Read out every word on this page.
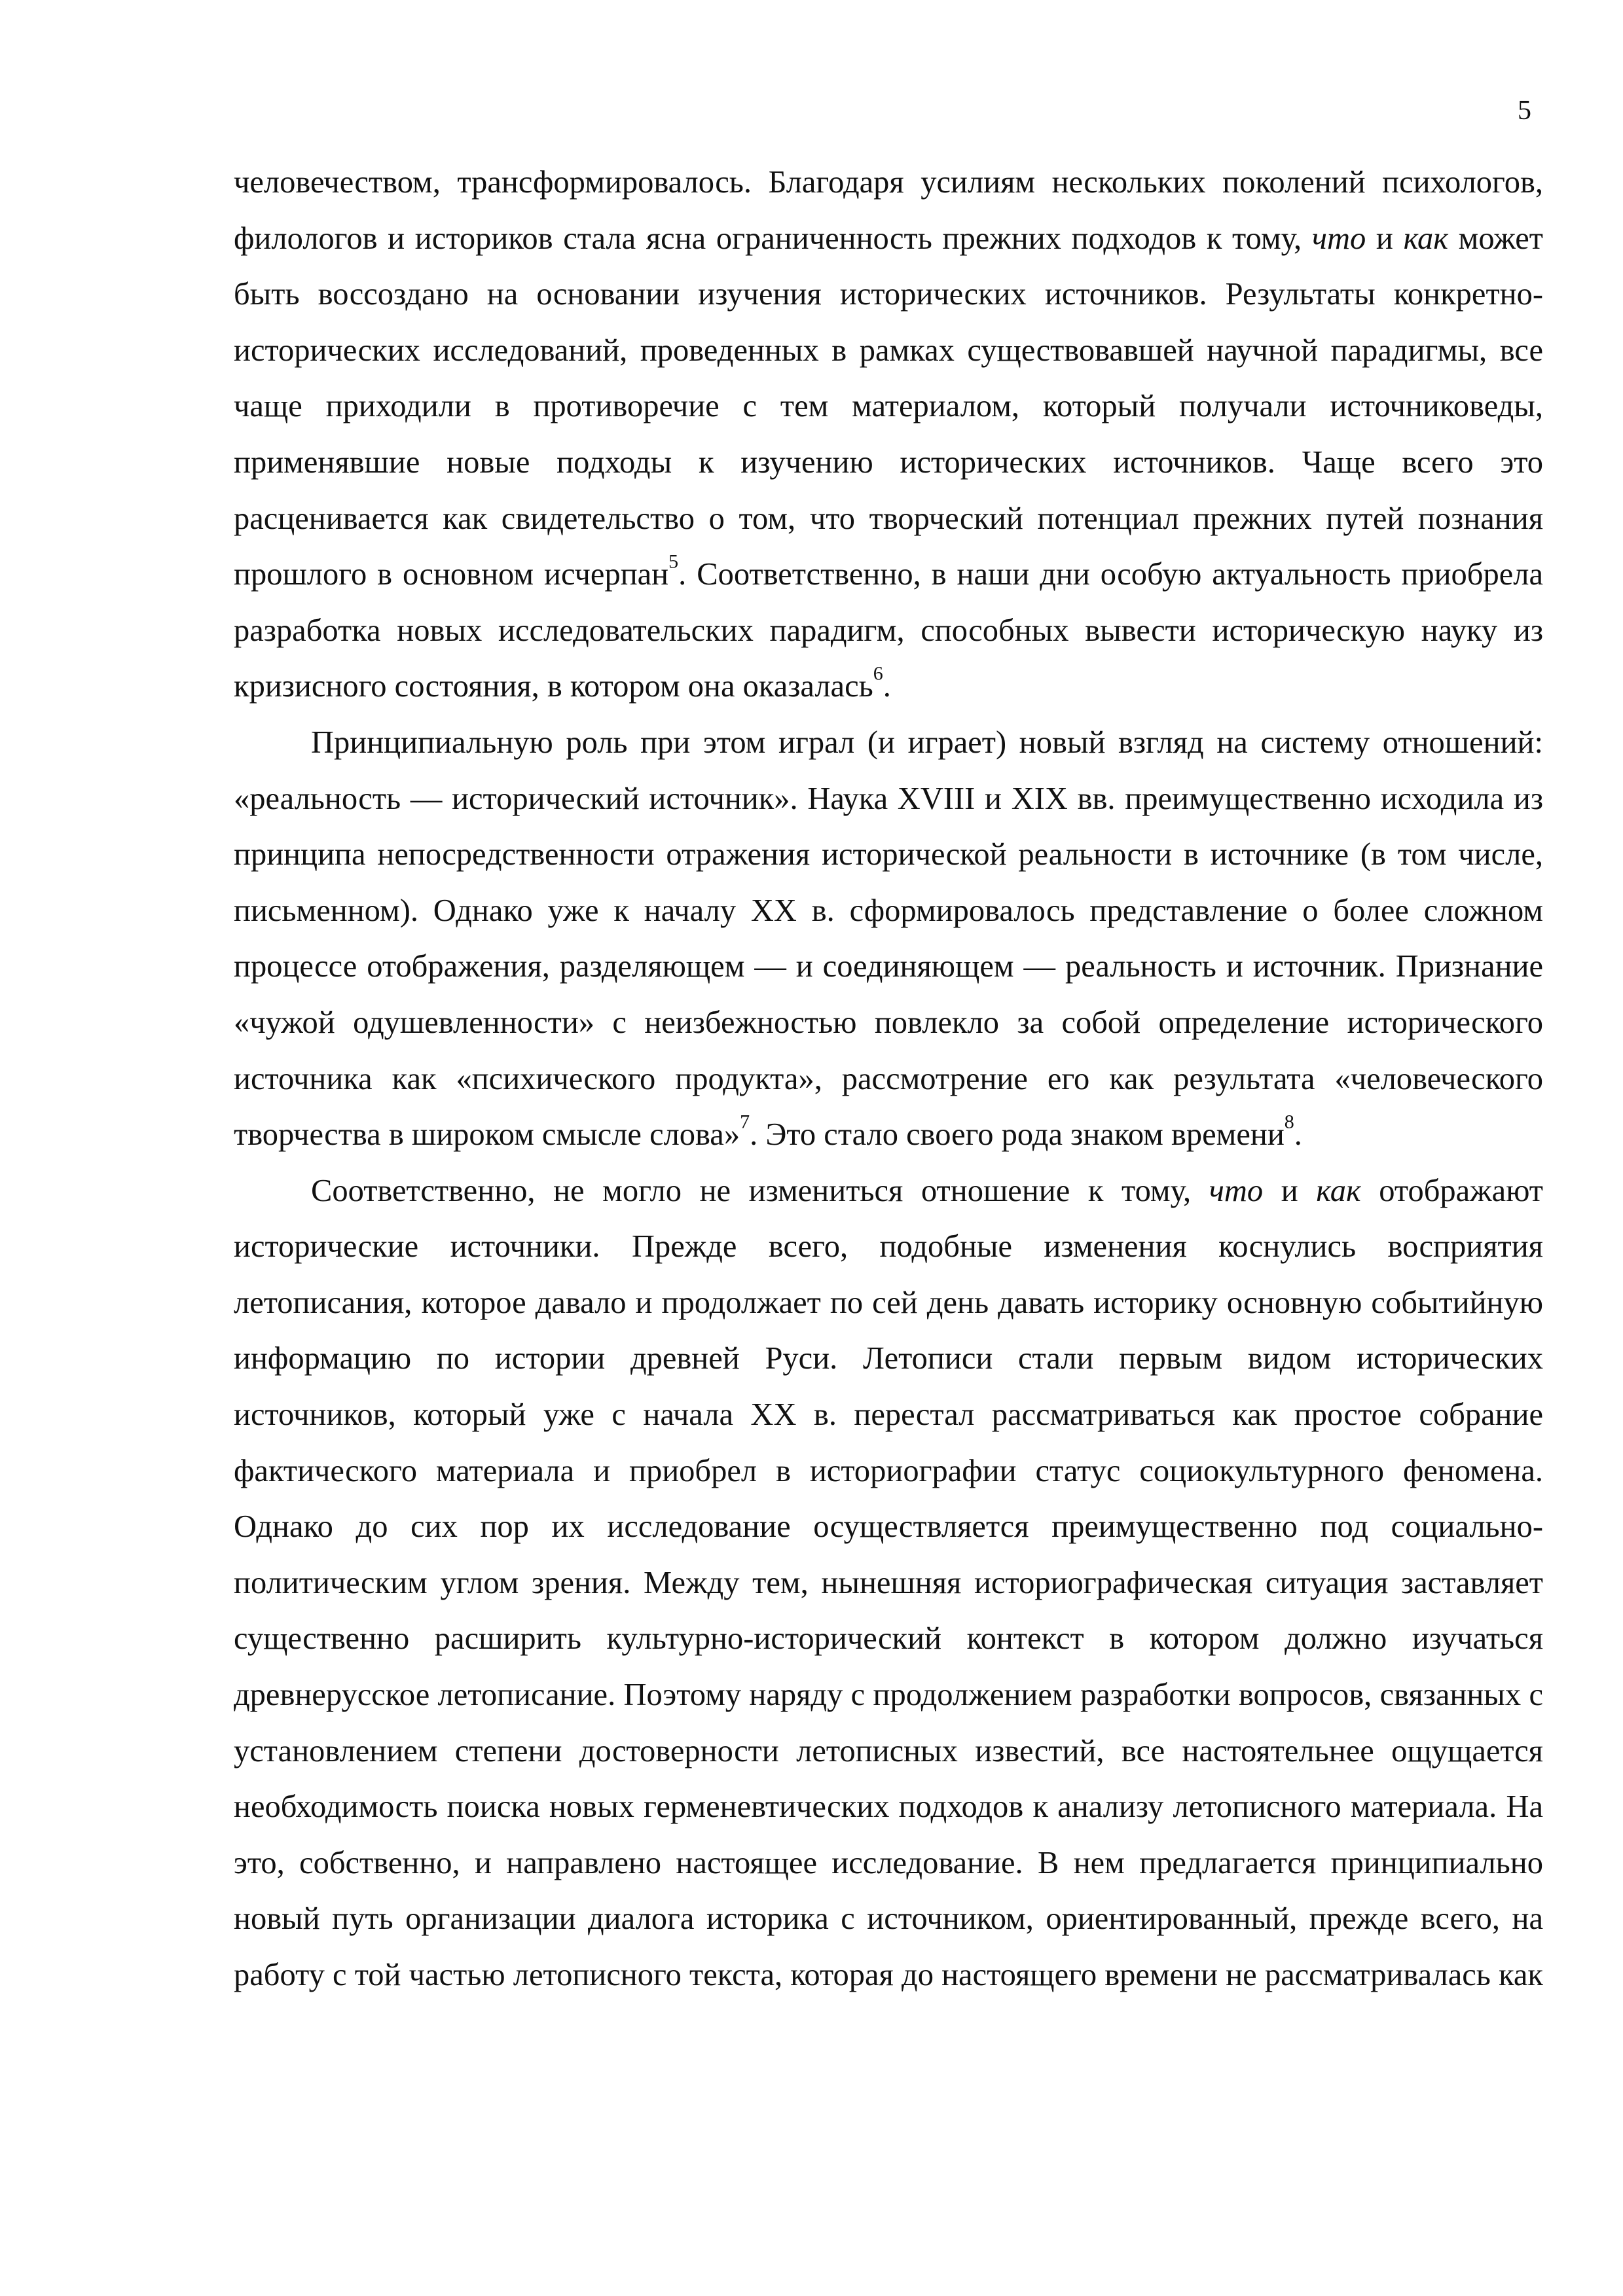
5

человечеством, трансформировалось. Благодаря усилиям нескольких поколений психологов, филологов и историков стала ясна ограниченность прежних подходов к тому, что и как может быть воссоздано на основании изучения исторических источников. Результаты конкретно-исторических исследований, проведенных в рамках существовавшей научной парадигмы, все чаще приходили в противоречие с тем материалом, который получали источниковеды, применявшие новые подходы к изучению исторических источников. Чаще всего это расценивается как свидетельство о том, что творческий потенциал прежних путей познания прошлого в основном исчерпан$^5$. Соответственно, в наши дни особую актуальность приобрела разработка новых исследовательских парадигм, способных вывести историческую науку из кризисного состояния, в котором она оказалась$^6$.

Принципиальную роль при этом играл (и играет) новый взгляд на систему отношений: «реальность — исторический источник». Наука XVIII и XIX вв. преимущественно исходила из принципа непосредственности отражения исторической реальности в источнике (в том числе, письменном). Однако уже к началу XX в. сформировалось представление о более сложном процессе отображения, разделяющем — и соединяющем — реальность и источник. Признание «чужой одушевленности» с неизбежностью повлекло за собой определение исторического источника как «психического продукта», рассмотрение его как результата «человеческого творчества в широком смысле слова»$^7$. Это стало своего рода знаком времени$^8$.

Соответственно, не могло не измениться отношение к тому, что и как отображают исторические источники. Прежде всего, подобные изменения коснулись восприятия летописания, которое давало и продолжает по сей день давать историку основную событийную информацию по истории древней Руси. Летописи стали первым видом исторических источников, который уже с начала XX в. перестал рассматриваться как простое собрание фактического материала и приобрел в историографии статус социокультурного феномена. Однако до сих пор их исследование осуществляется преимущественно под социально-политическим углом зрения. Между тем, нынешняя историографическая ситуация заставляет существенно расширить культурно-исторический контекст в котором должно изучаться древнерусское летописание. Поэтому наряду с продолжением разработки вопросов, связанных с установлением степени достоверности летописных известий, все настоятельнее ощущается необходимость поиска новых герменевтических подходов к анализу летописного материала. На это, собственно, и направлено настоящее исследование. В нем предлагается принципиально новый путь организации диалога историка с источником, ориентированный, прежде всего, на работу с той частью летописного текста, которая до настоящего времени не рассматривалась как
